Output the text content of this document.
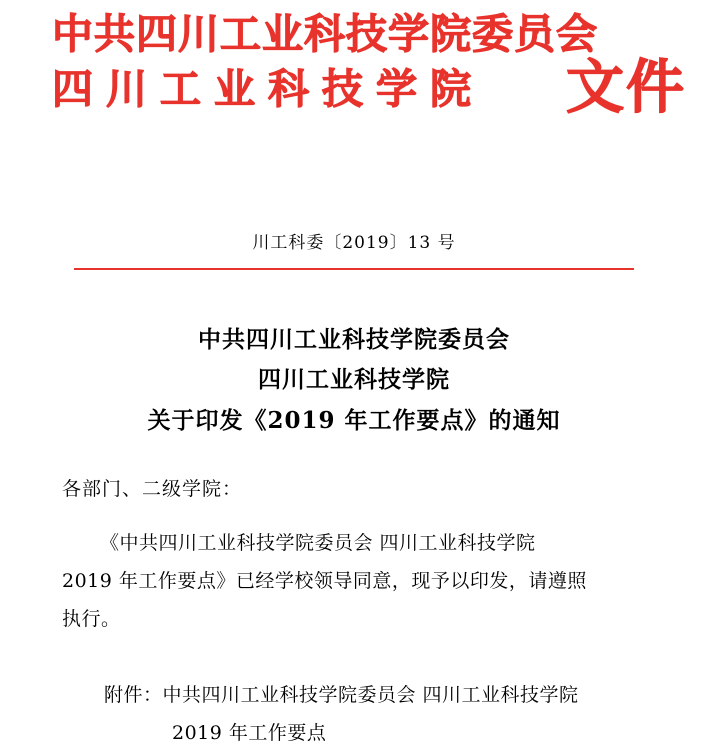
中共四川工业科技学院委员会
四川工业科技学院	文件
川工科委〔2019〕13 号
中共四川工业科技学院委员会
四川工业科技学院
关于印发《2019 年工作要点》的通知
各部门、二级学院：
《中共四川工业科技学院委员会 四川工业科技学院
2019 年工作要点》已经学校领导同意，现予以印发，请遵照
执行。
附件：中共四川工业科技学院委员会 四川工业科技学院
2019 年工作要点
